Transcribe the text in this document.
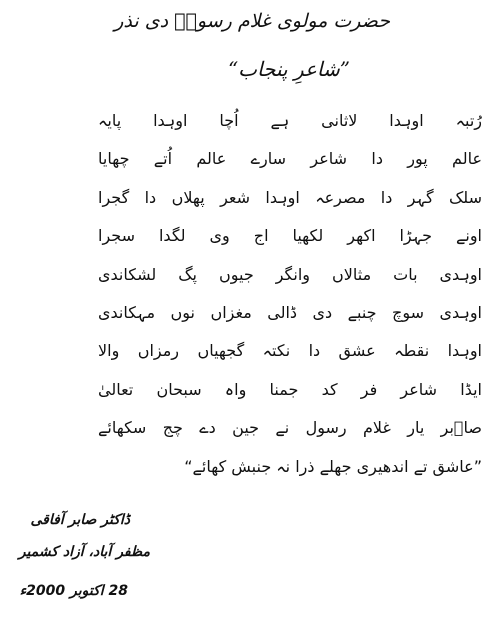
حضرت مولوی غلام رسولؒ دی نذر
”شاعرِ پنجاب“
رُتبہ اوہدا لاثانی ہے اُچا اوہدا پایہ
عالم پور دا شاعر سارے عالم اُتے چھایا
سلک گہر دا مصرعہ اوہدا شعر پھلاں دا گجرا
اونے جہڑا اکھر لکھیا اج وی لگدا سجرا
اوہدی بات مثالاں وانگر جیوں پگ لشکاندی
اوہدی سوچ چنبے دی ڈالی مغزاں نوں مہکاندی
اوہدا نقطہ عشق دا نکتہ گجھیاں رمزاں والا
ایڈا شاعر فر کد جمنا واہ سبحان تعالیٰ
صاؔبر یار غلام رسول نے جین دے چج سکھائے
”عاشق تے اندھیری جھلے ذرا نہ جنبش کھائے“
ڈاکٹر صابر آفاقی
مظفر آباد، آزاد کشمیر
28 اکتوبر 2000ء
